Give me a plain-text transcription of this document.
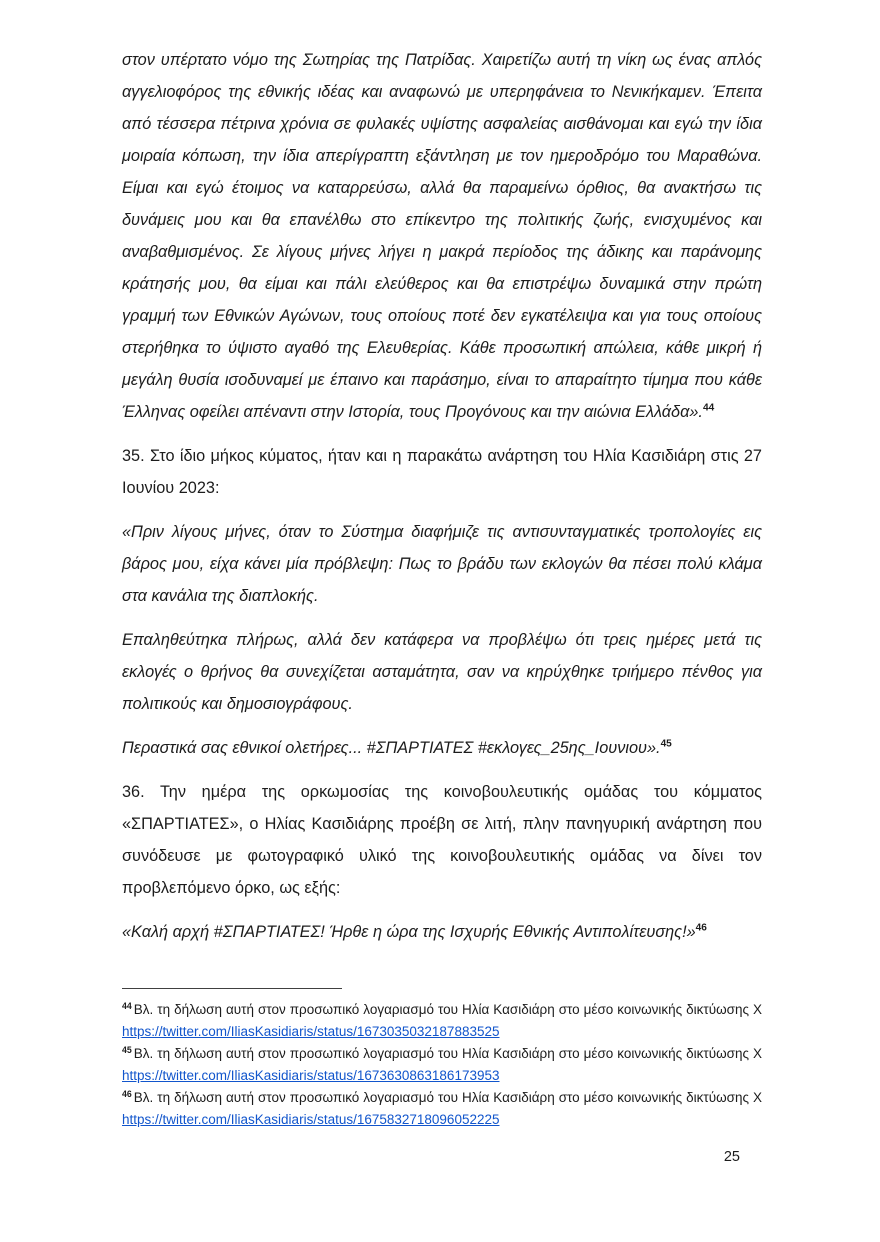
στον υπέρτατο νόμο της Σωτηρίας της Πατρίδας. Χαιρετίζω αυτή τη νίκη ως ένας απλός αγγελιοφόρος της εθνικής ιδέας και αναφωνώ με υπερηφάνεια το Νενικήκαμεν. Έπειτα από τέσσερα πέτρινα χρόνια σε φυλακές υψίστης ασφαλείας αισθάνομαι και εγώ την ίδια μοιραία κόπωση, την ίδια απερίγραπτη εξάντληση με τον ημεροδρόμο του Μαραθώνα. Είμαι και εγώ έτοιμος να καταρρεύσω, αλλά θα παραμείνω όρθιος, θα ανακτήσω τις δυνάμεις μου και θα επανέλθω στο επίκεντρο της πολιτικής ζωής, ενισχυμένος και αναβαθμισμένος. Σε λίγους μήνες λήγει η μακρά περίοδος της άδικης και παράνομης κράτησής μου, θα είμαι και πάλι ελεύθερος και θα επιστρέψω δυναμικά στην πρώτη γραμμή των Εθνικών Αγώνων, τους οποίους ποτέ δεν εγκατέλειψα και για τους οποίους στερήθηκα το ύψιστο αγαθό της Ελευθερίας. Κάθε προσωπική απώλεια, κάθε μικρή ή μεγάλη θυσία ισοδυναμεί με έπαινο και παράσημο, είναι το απαραίτητο τίμημα που κάθε Έλληνας οφείλει απέναντι στην Ιστορία, τους Προγόνους και την αιώνια Ελλάδα».$^{44}$

35. Στο ίδιο μήκος κύματος, ήταν και η παρακάτω ανάρτηση του Ηλία Κασιδιάρη στις 27 Ιουνίου 2023:

«Πριν λίγους μήνες, όταν το Σύστημα διαφήμιζε τις αντισυνταγματικές τροπολογίες εις βάρος μου, είχα κάνει μία πρόβλεψη: Πως το βράδυ των εκλογών θα πέσει πολύ κλάμα στα κανάλια της διαπλοκής.

Επαληθεύτηκα πλήρως, αλλά δεν κατάφερα να προβλέψω ότι τρεις ημέρες μετά τις εκλογές ο θρήνος θα συνεχίζεται ασταμάτητα, σαν να κηρύχθηκε τριήμερο πένθος για πολιτικούς και δημοσιογράφους.

Περαστικά σας εθνικοί ολετήρες... #ΣΠΑΡΤΙΑΤΕΣ #εκλογες_25ης_Ιουνιου».$^{45}$

36. Την ημέρα της ορκωμοσίας της κοινοβουλευτικής ομάδας του κόμματος «ΣΠΑΡΤΙΑΤΕΣ», ο Ηλίας Κασιδιάρης προέβη σε λιτή, πλην πανηγυρική ανάρτηση που συνόδευσε με φωτογραφικό υλικό της κοινοβουλευτικής ομάδας να δίνει τον προβλεπόμενο όρκο, ως εξής:

«Καλή αρχή #ΣΠΑΡΤΙΑΤΕΣ! Ήρθε η ώρα της Ισχυρής Εθνικής Αντιπολίτευσης!»$^{46}$

$^{44}$ Βλ. τη δήλωση αυτή στον προσωπικό λογαριασμό του Ηλία Κασιδιάρη στο μέσο κοινωνικής δικτύωσης X https://twitter.com/IliasKasidiaris/status/1673035032187883525
$^{45}$ Βλ. τη δήλωση αυτή στον προσωπικό λογαριασμό του Ηλία Κασιδιάρη στο μέσο κοινωνικής δικτύωσης X https://twitter.com/IliasKasidiaris/status/1673630863186173953
$^{46}$ Βλ. τη δήλωση αυτή στον προσωπικό λογαριασμό του Ηλία Κασιδιάρη στο μέσο κοινωνικής δικτύωσης X https://twitter.com/IliasKasidiaris/status/1675832718096052225
25
